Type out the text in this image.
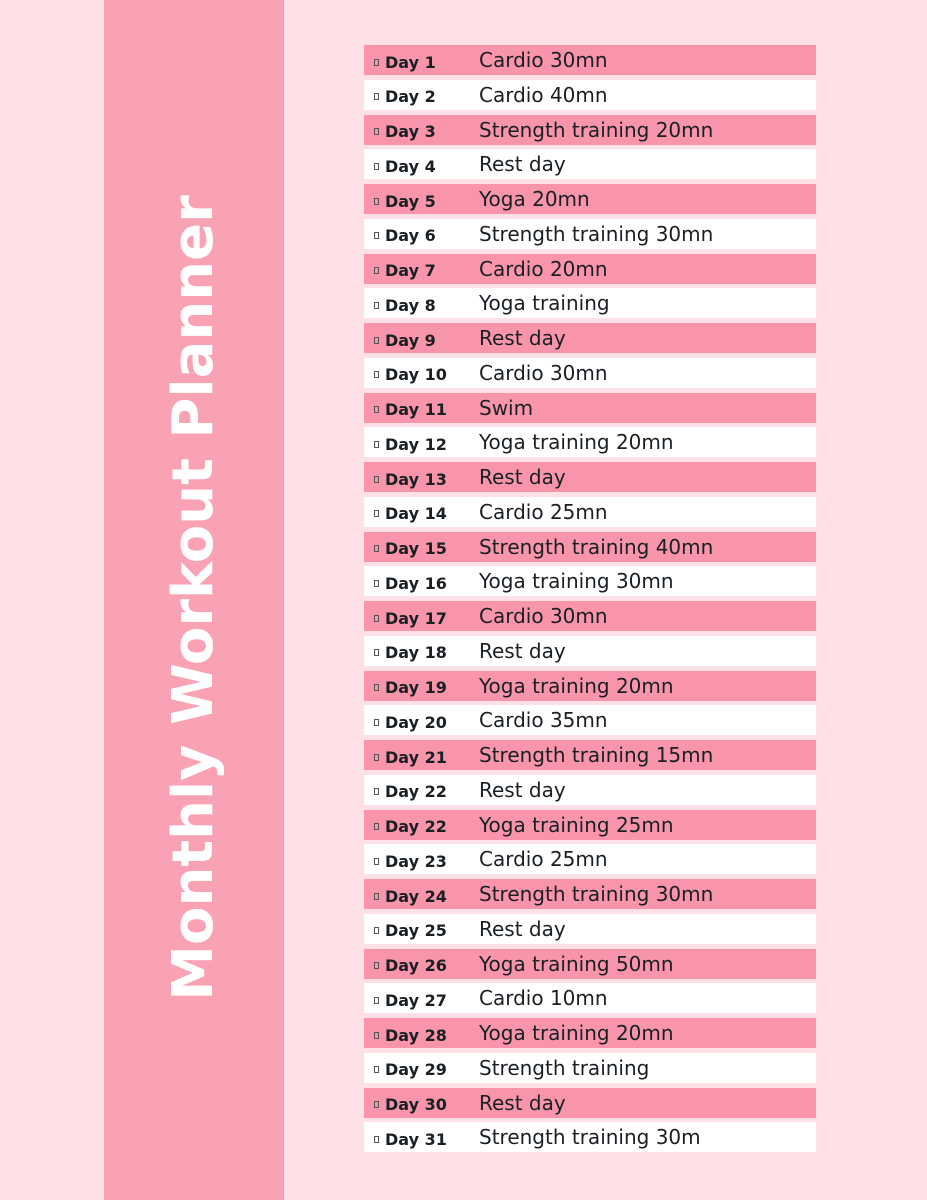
Monthly Workout Planner
Day 1 Cardio 30mn
Day 2 Cardio 40mn
Day 3 Strength training 20mn
Day 4 Rest day
Day 5 Yoga 20mn
Day 6 Strength training 30mn
Day 7 Cardio 20mn
Day 8 Yoga training
Day 9 Rest day
Day 10 Cardio 30mn
Day 11 Swim
Day 12 Yoga training 20mn
Day 13 Rest day
Day 14 Cardio 25mn
Day 15 Strength training 40mn
Day 16 Yoga training 30mn
Day 17 Cardio 30mn
Day 18 Rest day
Day 19 Yoga training 20mn
Day 20 Cardio 35mn
Day 21 Strength training 15mn
Day 22 Rest day
Day 22 Yoga training 25mn
Day 23 Cardio 25mn
Day 24 Strength training 30mn
Day 25 Rest day
Day 26 Yoga training 50mn
Day 27 Cardio 10mn
Day 28 Yoga training 20mn
Day 29 Strength training
Day 30 Rest day
Day 31 Strength training 30m
